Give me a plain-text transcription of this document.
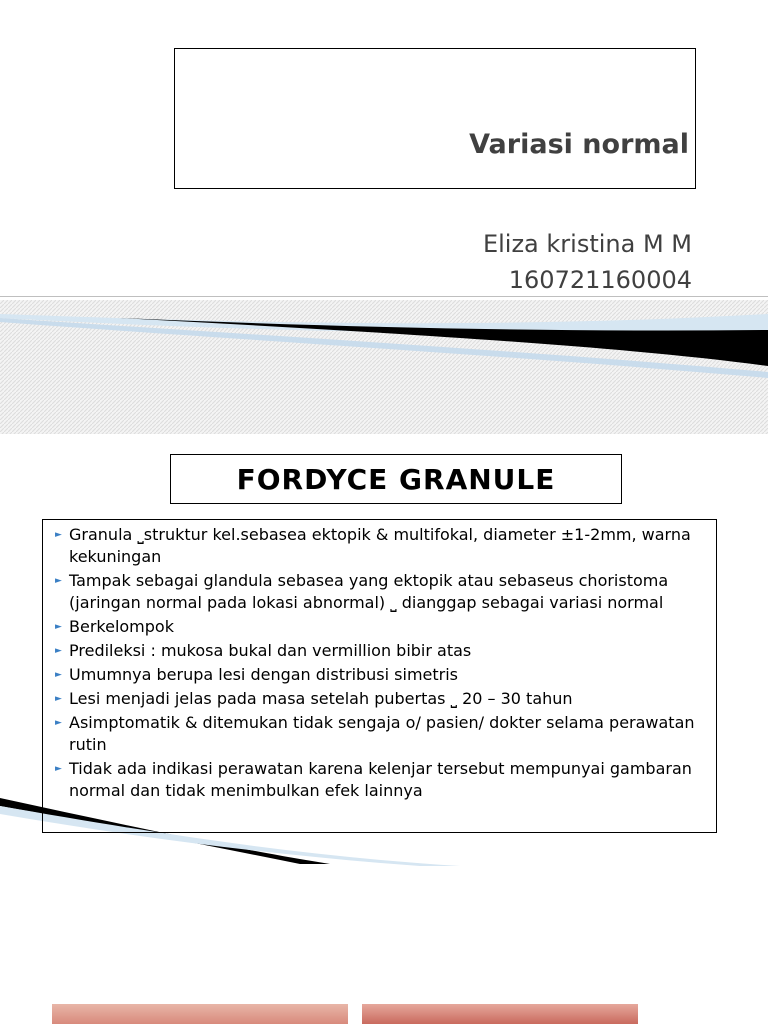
Variasi normal
Eliza kristina M M
160721160004
FORDYCE GRANULE
► Granula ⎵struktur kel.sebasea ektopik & multifokal, diameter ±1-2mm, warna kekuningan
► Tampak sebagai glandula sebasea yang ektopik atau sebaseus choristoma (jaringan normal pada lokasi abnormal) ⎵ dianggap sebagai variasi normal
► Berkelompok
► Predileksi : mukosa bukal dan vermillion bibir atas
► Umumnya berupa lesi dengan distribusi simetris
► Lesi menjadi jelas pada masa setelah pubertas ⎵ 20 – 30 tahun
► Asimptomatik & ditemukan tidak sengaja o/ pasien/ dokter selama perawatan rutin
► Tidak ada indikasi perawatan karena kelenjar tersebut mempunyai gambaran normal dan tidak menimbulkan efek lainnya
